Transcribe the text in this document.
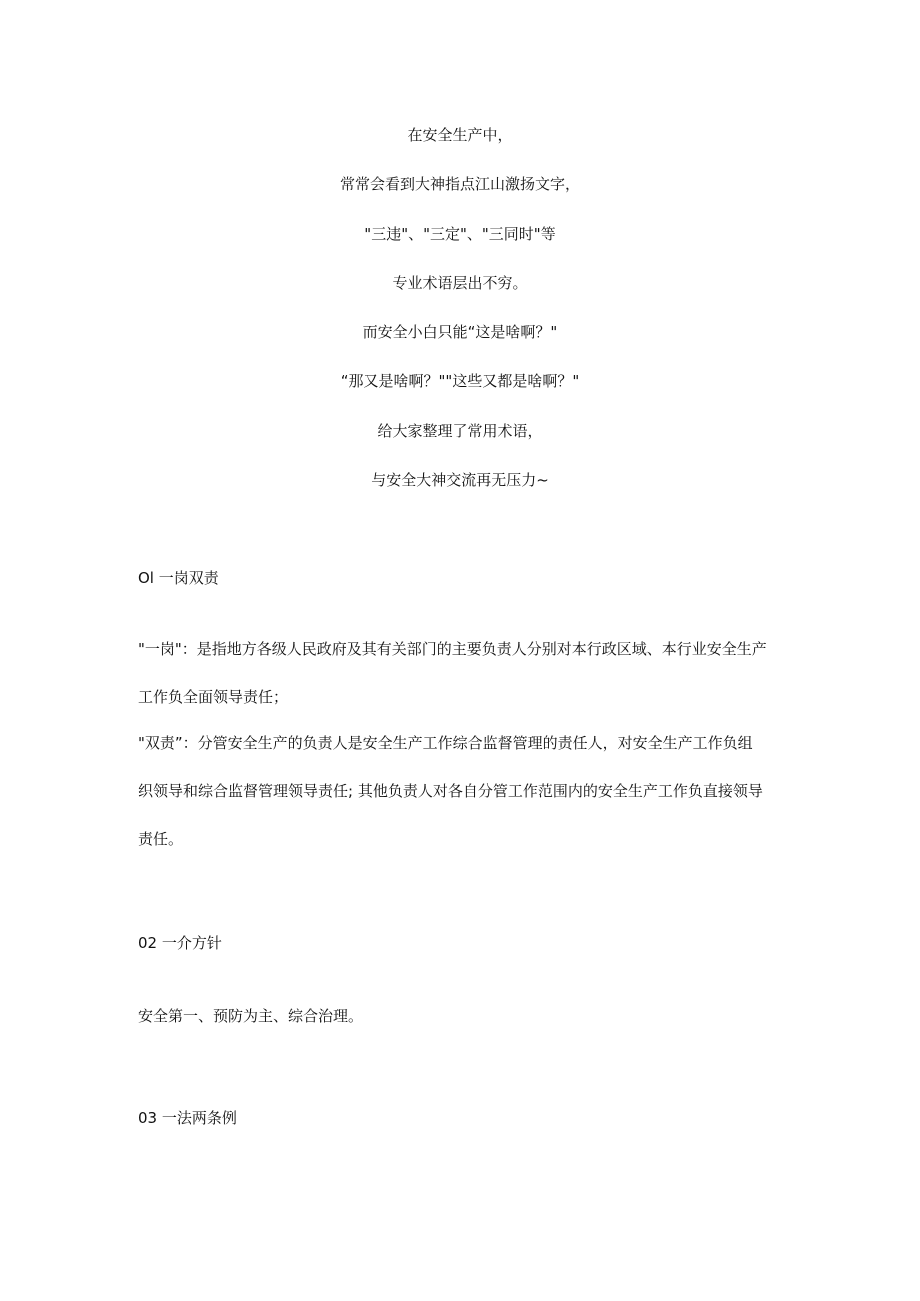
在安全生产中，
常常会看到大神指点江山激扬文字，
"三违"、"三定"、"三同时"等
专业术语层出不穷。
而安全小白只能“这是啥啊？"
“那又是啥啊？""这些又都是啥啊？"
给大家整理了常用术语，
与安全大神交流再无压力~
Ol 一岗双责
"一岗"：是指地方各级人民政府及其有关部门的主要负责人分别对本行政区域、本行业安全生产
工作负全面领导责任；
"双责”：分管安全生产的负责人是安全生产工作综合监督管理的责任人，对安全生产工作负组
织领导和综合监督管理领导责任; 其他负责人对各自分管工作范围内的安全生产工作负直接领导
责任。
02 一介方针
安全第一、预防为主、综合治理。
03 一法两条例
